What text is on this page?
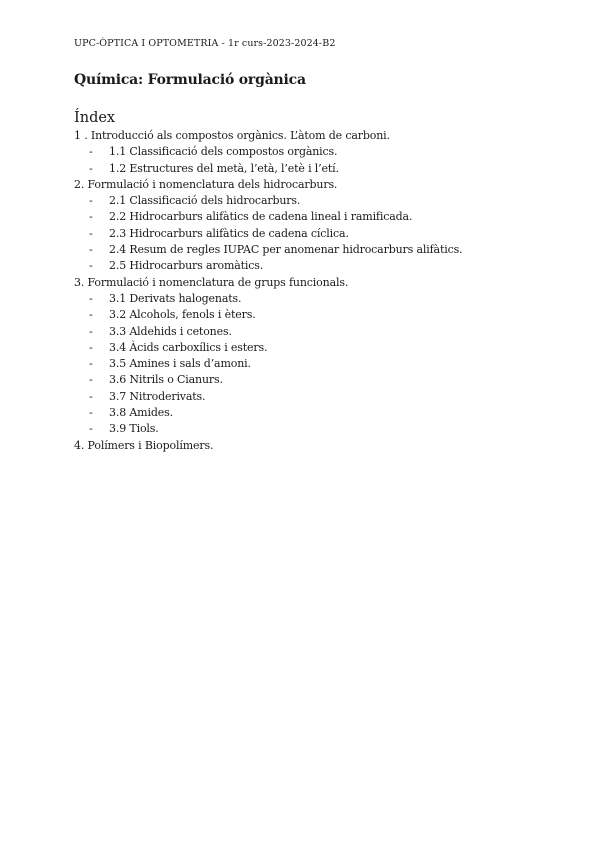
UPC-ÒPTICA I OPTOMETRIA - 1r curs-2023-2024-B2
Química: Formulació orgànica
Índex
1 . Introducció als compostos orgànics. L’àtom de carboni.
- 1.1 Classificació dels compostos orgànics.
- 1.2 Estructures del metà, l’età, l’etè i l’etí.
2. Formulació i nomenclatura dels hidrocarburs.
- 2.1 Classificació dels hidrocarburs.
- 2.2 Hidrocarburs alifàtics de cadena lineal i ramificada.
- 2.3 Hidrocarburs alifàtics de cadena cíclica.
- 2.4 Resum de regles IUPAC per anomenar hidrocarburs alifàtics.
- 2.5 Hidrocarburs aromàtics.
3. Formulació i nomenclatura de grups funcionals.
- 3.1 Derivats halogenats.
- 3.2 Alcohols, fenols i èters.
- 3.3 Aldehids i cetones.
- 3.4 Àcids carboxílics i esters.
- 3.5 Amines i sals d’amoni.
- 3.6 Nitrils o Cianurs.
- 3.7 Nitroderivats.
- 3.8 Amides.
- 3.9 Tiols.
4. Polímers i Biopolímers.
